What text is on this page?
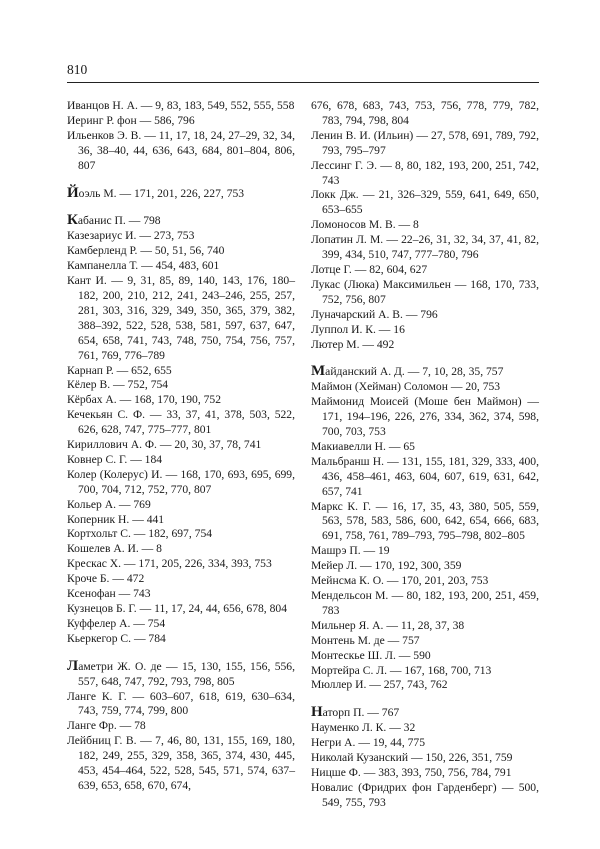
810
Иванцов Н. А. — 9, 83, 183, 549, 552, 555, 558
Иеринг Р. фон — 586, 796
Ильенков Э. В. — 11, 17, 18, 24, 27–29, 32, 34, 36, 38–40, 44, 636, 643, 684, 801–804, 806, 807
Йоэль М. — 171, 201, 226, 227, 753
Кабанис П. — 798
Казезариус И. — 273, 753
Камберленд Р. — 50, 51, 56, 740
Кампанелла Т. — 454, 483, 601
Кант И. — 9, 31, 85, 89, 140, 143, 176, 180–182, 200, 210, 212, 241, 243–246, 255, 257, 281, 303, 316, 329, 349, 350, 365, 379, 382, 388–392, 522, 528, 538, 581, 597, 637, 647, 654, 658, 741, 743, 748, 750, 754, 756, 757, 761, 769, 776–789
Карнап Р. — 652, 655
Кёлер В. — 752, 754
Кёрбах А. — 168, 170, 190, 752
Кечекьян С. Ф. — 33, 37, 41, 378, 503, 522, 626, 628, 747, 775–777, 801
Кириллович А. Ф. — 20, 30, 37, 78, 741
Ковнер С. Г. — 184
Колер (Колерус) И. — 168, 170, 693, 695, 699, 700, 704, 712, 752, 770, 807
Кольер А. — 769
Коперник Н. — 441
Кортхольт С. — 182, 697, 754
Кошелев А. И. — 8
Крескас Х. — 171, 205, 226, 334, 393, 753
Кроче Б. — 472
Ксенофан — 743
Кузнецов Б. Г. — 11, 17, 24, 44, 656, 678, 804
Куффелер А. — 754
Кьеркегор С. — 784
Ламетри Ж. О. де — 15, 130, 155, 156, 556, 557, 648, 747, 792, 793, 798, 805
Ланге К. Г. — 603–607, 618, 619, 630–634, 743, 759, 774, 799, 800
Ланге Фр. — 78
Лейбниц Г. В. — 7, 46, 80, 131, 155, 169, 180, 182, 249, 255, 329, 358, 365, 374, 430, 445, 453, 454–464, 522, 528, 545, 571, 574, 637–639, 653, 658, 670, 674,
676, 678, 683, 743, 753, 756, 778, 779, 782, 783, 794, 798, 804
Ленин В. И. (Ильин) — 27, 578, 691, 789, 792, 793, 795–797
Лессинг Г. Э. — 8, 80, 182, 193, 200, 251, 742, 743
Локк Дж. — 21, 326–329, 559, 641, 649, 650, 653–655
Ломоносов М. В. — 8
Лопатин Л. М. — 22–26, 31, 32, 34, 37, 41, 82, 399, 434, 510, 747, 777–780, 796
Лотце Г. — 82, 604, 627
Лукас (Люка) Максимильен — 168, 170, 733, 752, 756, 807
Луначарский А. В. — 796
Луппол И. К. — 16
Лютер М. — 492
Майданский А. Д. — 7, 10, 28, 35, 757
Маймон (Хейман) Соломон — 20, 753
Маймонид Моисей (Моше бен Маймон) — 171, 194–196, 226, 276, 334, 362, 374, 598, 700, 703, 753
Макиавелли Н. — 65
Мальбранш Н. — 131, 155, 181, 329, 333, 400, 436, 458–461, 463, 604, 607, 619, 631, 642, 657, 741
Маркс К. Г. — 16, 17, 35, 43, 380, 505, 559, 563, 578, 583, 586, 600, 642, 654, 666, 683, 691, 758, 761, 789–793, 795–798, 802–805
Машрэ П. — 19
Мейер Л. — 170, 192, 300, 359
Мейнсма К. О. — 170, 201, 203, 753
Мендельсон М. — 80, 182, 193, 200, 251, 459, 783
Мильнер Я. А. — 11, 28, 37, 38
Монтень М. де — 757
Монтескье Ш. Л. — 590
Мортейра С. Л. — 167, 168, 700, 713
Мюллер И. — 257, 743, 762
Наторп П. — 767
Науменко Л. К. — 32
Негри А. — 19, 44, 775
Николай Кузанский — 150, 226, 351, 759
Ницше Ф. — 383, 393, 750, 756, 784, 791
Новалис (Фридрих фон Гарденберг) — 500, 549, 755, 793
